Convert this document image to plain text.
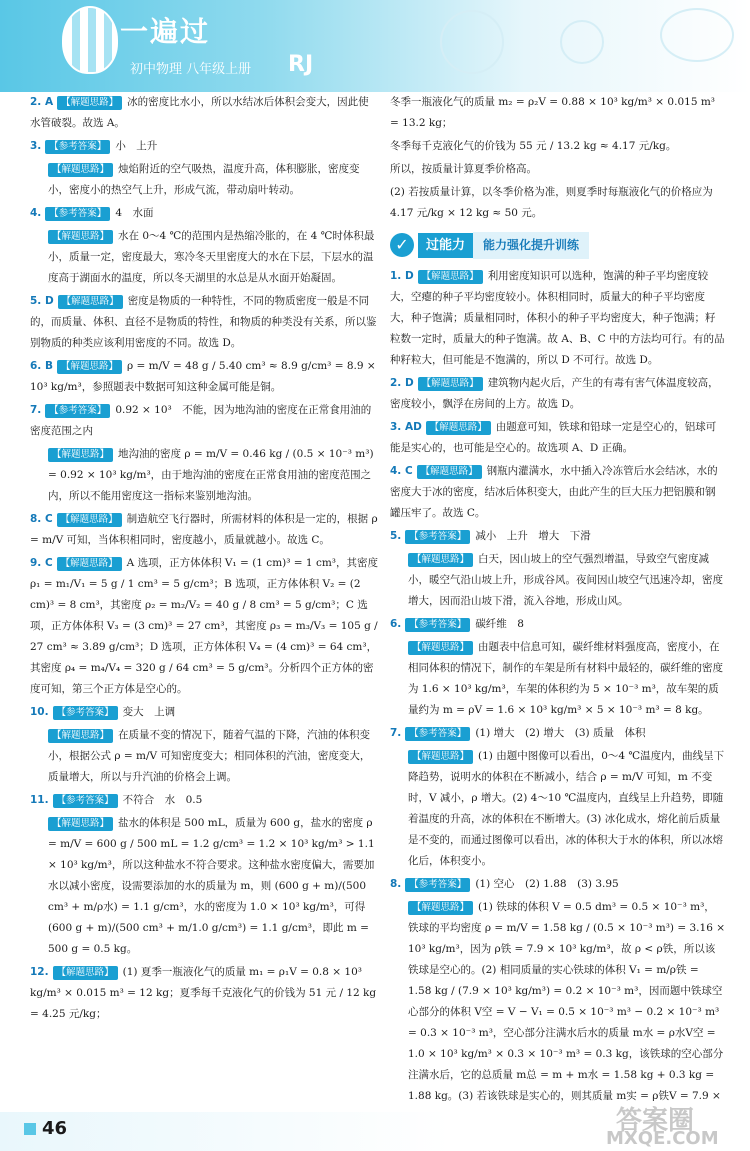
一遍过
初中物理 八年级上册 RJ
2. A 【解题思路】 冰的密度比水小，所以水结冰后体积会变大，因此使水管破裂。故选 A。
3. 【参考答案】 小　上升
【解题思路】 烛焰附近的空气吸热，温度升高，体积膨胀，密度变小，密度小的热空气上升，形成气流，带动扇叶转动。
4. 【参考答案】 4　水面
【解题思路】 水在 0～4 ℃的范围内是热缩冷胀的，在 4 ℃时体积最小，质量一定，密度最大，寒冷冬天里密度大的水在下层，下层水的温度高于湖面水的温度，所以冬天湖里的水总是从水面开始凝固。
5. D 【解题思路】 密度是物质的一种特性，不同的物质密度一般是不同的，而质量、体积、直径不是物质的特性，和物质的种类没有关系，所以鉴别物质的种类应该利用密度的不同。故选 D。
6. B 【解题思路】 ρ = m/V = 48 g / 5.40 cm³ ≈ 8.9 g/cm³ = 8.9 × 10³ kg/m³，参照题表中数据可知这种金属可能是铜。
7. 【参考答案】 0.92 × 10³　不能，因为地沟油的密度在正常食用油的密度范围之内
【解题思路】 地沟油的密度 ρ = m/V = 0.46 kg / (0.5 × 10⁻³ m³) = 0.92 × 10³ kg/m³，由于地沟油的密度在正常食用油的密度范围之内，所以不能用密度这一指标来鉴别地沟油。
8. C 【解题思路】 制造航空飞行器时，所需材料的体积是一定的，根据 ρ = m/V 可知，当体积相同时，密度越小，质量就越小。故选 C。
9. C 【解题思路】 A 选项，正方体体积 V₁ = (1 cm)³ = 1 cm³，其密度 ρ₁ = m₁/V₁ = 5 g / 1 cm³ = 5 g/cm³；B 选项，正方体体积 V₂ = (2 cm)³ = 8 cm³，其密度 ρ₂ = m₂/V₂ = 40 g / 8 cm³ = 5 g/cm³；C 选项，正方体体积 V₃ = (3 cm)³ = 27 cm³，其密度 ρ₃ = m₃/V₃ = 105 g / 27 cm³ ≈ 3.89 g/cm³；D 选项，正方体体积 V₄ = (4 cm)³ = 64 cm³，其密度 ρ₄ = m₄/V₄ = 320 g / 64 cm³ = 5 g/cm³。分析四个正方体的密度可知，第三个正方体是空心的。
10. 【参考答案】 变大　上调
【解题思路】 在质量不变的情况下，随着气温的下降，汽油的体积变小，根据公式 ρ = m/V 可知密度变大；相同体积的汽油，密度变大，质量增大，所以与升汽油的价格会上调。
11. 【参考答案】 不符合　水　0.5
【解题思路】 盐水的体积是 500 mL，质量为 600 g，盐水的密度 ρ = m/V = 600 g / 500 mL = 1.2 g/cm³ = 1.2 × 10³ kg/m³ > 1.1 × 10³ kg/m³，所以这种盐水不符合要求。这种盐水密度偏大，需要加水以减小密度，设需要添加的水的质量为 m，则 (600 g + m)/(500 cm³ + m/ρ水) = 1.1 g/cm³，水的密度为 1.0 × 10³ kg/m³，可得 (600 g + m)/(500 cm³ + m/1.0 g/cm³) = 1.1 g/cm³，即此 m = 500 g = 0.5 kg。
12. 【解题思路】 (1) 夏季一瓶液化气的质量 m₁ = ρ₁V = 0.8 × 10³ kg/m³ × 0.015 m³ = 12 kg；夏季每千克液化气的价钱为 51 元 / 12 kg = 4.25 元/kg；
冬季一瓶液化气的质量 m₂ = ρ₂V = 0.88 × 10³ kg/m³ × 0.015 m³ = 13.2 kg；
冬季每千克液化气的价钱为 55 元 / 13.2 kg ≈ 4.17 元/kg。
所以，按质量计算夏季价格高。
(2) 若按质量计算，以冬季价格为准，则夏季时每瓶液化气的价格应为 4.17 元/kg × 12 kg ≈ 50 元。
✓	过能力	能力强化提升训练
1. D 【解题思路】 利用密度知识可以选种，饱满的种子平均密度较大，空瘪的种子平均密度较小。体积相同时，质量大的种子平均密度大，种子饱满；质量相同时，体积小的种子平均密度大，种子饱满；籽粒数一定时，质量大的种子饱满。故 A、B、C 中的方法均可行。有的品种籽粒大，但可能是不饱满的，所以 D 不可行。故选 D。
2. D 【解题思路】 建筑物内起火后，产生的有毒有害气体温度较高，密度较小，飘浮在房间的上方。故选 D。
3. AD 【解题思路】 由题意可知，铁球和铅球一定是空心的，铝球可能是实心的，也可能是空心的。故选项 A、D 正确。
4. C 【解题思路】 钢瓶内灌满水，水中插入冷冻管后水会结冰，水的密度大于冰的密度，结冰后体积变大，由此产生的巨大压力把铝膜和钢罐压牢了。故选 C。
5. 【参考答案】 减小　上升　增大　下滑
【解题思路】 白天，因山坡上的空气强烈增温，导致空气密度减小，暖空气沿山坡上升，形成谷风。夜间因山坡空气迅速冷却，密度增大，因而沿山坡下滑，流入谷地，形成山风。
6. 【参考答案】 碳纤维　8
【解题思路】 由题表中信息可知，碳纤维材料强度高，密度小，在相同体积的情况下，制作的车架是所有材料中最轻的，碳纤维的密度为 1.6 × 10³ kg/m³，车架的体积约为 5 × 10⁻³ m³，故车架的质量约为 m = ρV = 1.6 × 10³ kg/m³ × 5 × 10⁻³ m³ = 8 kg。
7. 【参考答案】 (1) 增大　(2) 增大　(3) 质量　体积
【解题思路】 (1) 由题中图像可以看出，0～4 ℃温度内，曲线呈下降趋势，说明水的体积在不断减小，结合 ρ = m/V 可知，m 不变时，V 减小，ρ 增大。(2) 4～10 ℃温度内，直线呈上升趋势，即随着温度的升高，冰的体积在不断增大。(3) 冰化成水，熔化前后质量是不变的，而通过图像可以看出，冰的体积大于水的体积，所以冰熔化后，体积变小。
8. 【参考答案】 (1) 空心　(2) 1.88　(3) 3.95
【解题思路】 (1) 铁球的体积 V = 0.5 dm³ = 0.5 × 10⁻³ m³，铁球的平均密度 ρ = m/V = 1.58 kg / (0.5 × 10⁻³ m³) = 3.16 × 10³ kg/m³，因为 ρ铁 = 7.9 × 10³ kg/m³，故 ρ < ρ铁，所以该铁球是空心的。(2) 相同质量的实心铁球的体积 V₁ = m/ρ铁 = 1.58 kg / (7.9 × 10³ kg/m³) = 0.2 × 10⁻³ m³，因而题中铁球空心部分的体积 V空 = V − V₁ = 0.5 × 10⁻³ m³ − 0.2 × 10⁻³ m³ = 0.3 × 10⁻³ m³，空心部分注满水后水的质量 m水 = ρ水V空 = 1.0 × 10³ kg/m³ × 0.3 × 10⁻³ m³ = 0.3 kg，该铁球的空心部分注满水后，它的总质量 m总 = m + m水 = 1.58 kg + 0.3 kg = 1.88 kg。(3) 若该铁球是实心的，则其质量 m实 = ρ铁V = 7.9 ×
46	答案圈
MXQE.COM
